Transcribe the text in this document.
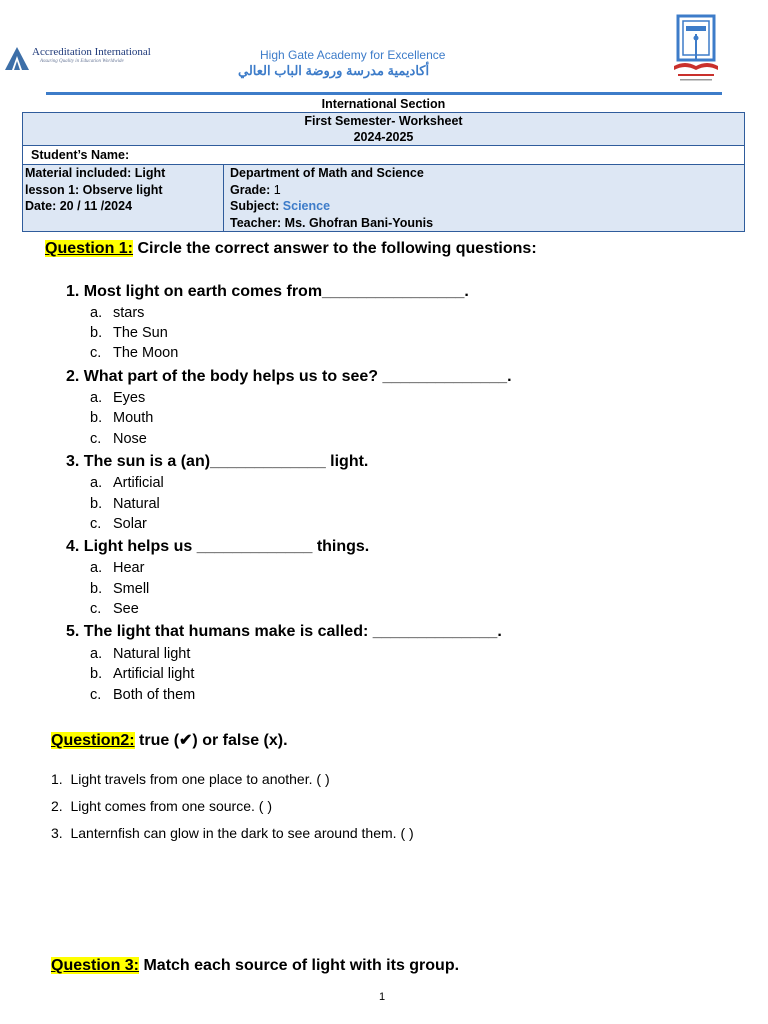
Accreditation International
Assuring Quality in Education Worldwide	High Gate Academy for Excellence
أكاديمية مدرسة وروضة الباب العالي
International Section
First Semester- Worksheet
2024-2025

Student’s Name:

Material included: Light
lesson 1: Observe light
Date: 20 / 11 /2024

Department of Math and Science
Grade: 1
Subject: Science
Teacher: Ms. Ghofran Bani-Younis
Question 1: Circle the correct answer to the following questions:
1. Most light on earth comes from________________.
a. stars
b. The Sun
c. The Moon
2. What part of the body helps us to see? ______________.
a. Eyes
b. Mouth
c. Nose
3. The sun is a (an)_____________ light.
a. Artificial
b. Natural
c. Solar
4. Light helps us _____________ things.
a. Hear
b. Smell
c. See
5. The light that humans make is called: ______________.
a. Natural light
b. Artificial light
c. Both of them
Question2: true (✔) or false (x).
1. Light travels from one place to another. ( )
2. Light comes from one source. ( )
3. Lanternfish can glow in the dark to see around them. ( )
Question 3: Match each source of light with its group.
1
